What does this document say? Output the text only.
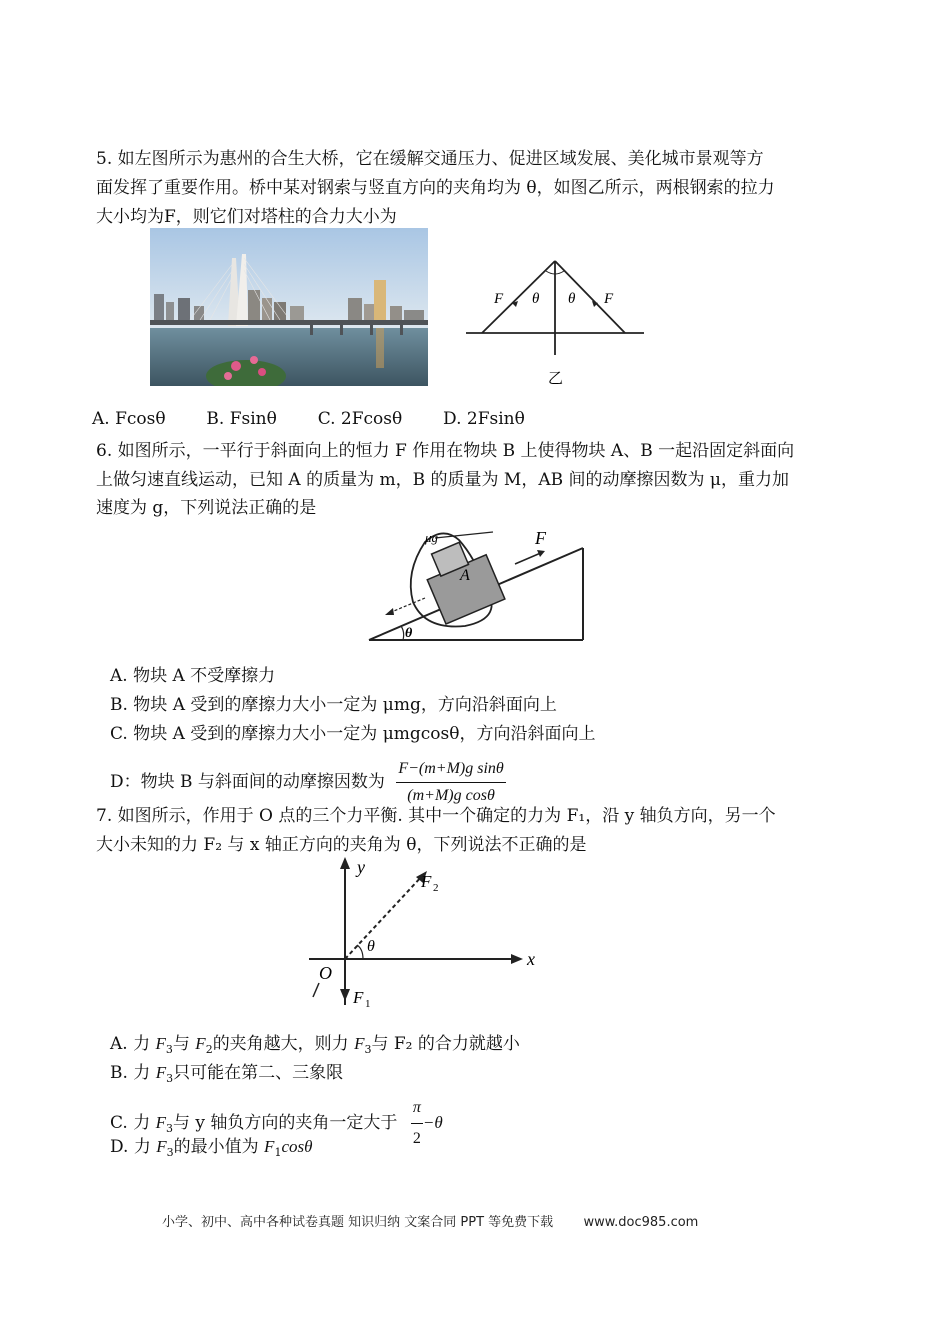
5. 如左图所示为惠州的合生大桥，它在缓解交通压力、促进区域发展、美化城市景观等方
面发挥了重要作用。桥中某对钢索与竖直方向的夹角均为 θ，如图乙所示，两根钢索的拉力
大小均为F，则它们对塔柱的合力大小为
F	F
θ θ
乙
A. Fcosθ B. Fsinθ C. 2Fcosθ D. 2Fsinθ
6. 如图所示，一平行于斜面向上的恒力 F 作用在物块 B 上使得物块 A、B 一起沿固定斜面向
上做匀速直线运动，已知 A 的质量为 m，B 的质量为 M，AB 间的动摩擦因数为 μ，重力加
速度为 g，下列说法正确的是
θ
A
F
μg
A. 物块 A 不受摩擦力
B. 物块 A 受到的摩擦力大小一定为 μmg，方向沿斜面向上
C. 物块 A 受到的摩擦力大小一定为 μmgcosθ，方向沿斜面向上
D：物块 B 与斜面间的动摩擦因数为 $\frac{\text{F−(m+M)g sinθ}}{\text{(m+M)g cosθ}}$
7. 如图所示，作用于 O 点的三个力平衡. 其中一个确定的力为 F₁，沿 y 轴负方向，另一个
大小未知的力 F₂ 与 x 轴正方向的夹角为 θ，下列说法不正确的是
y
x
O
θ
F 2
F 1
A. 力 $F_3$与 $F_2$的夹角越大，则力 $F_3$与 F₂ 的合力就越小
B. 力 $F_3$只可能在第二、三象限
C. 力 $F_3$与 y 轴负方向的夹角一定大于 $\frac{\pi}{2} -\theta$
D. 力 $F_3$的最小值为 $F_1\cos\theta$
小学、初中、高中各种试卷真题 知识归纳 文案合同 PPT 等免费下载 www.doc985.com
